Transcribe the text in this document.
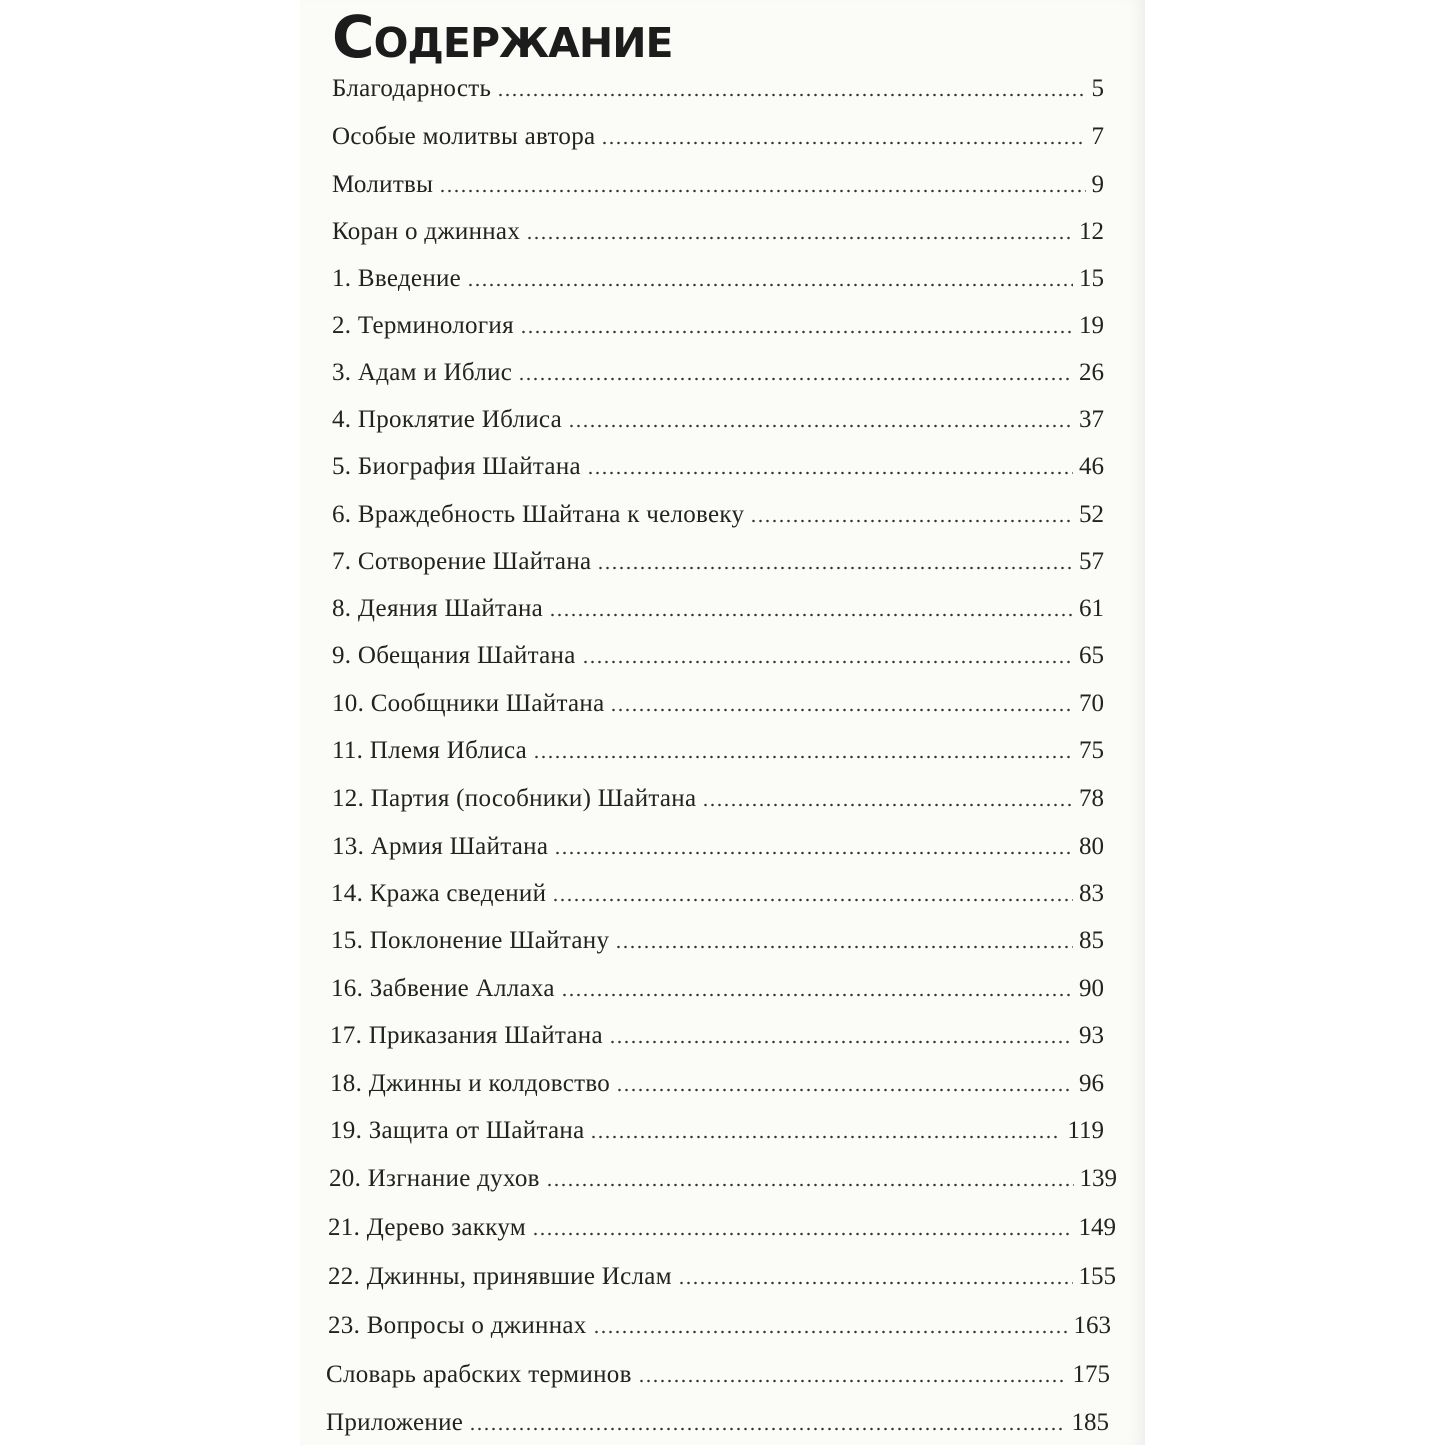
Содержание
Благодарность	5
Особые молитвы автора	7
Молитвы	9
Коран о джиннах	12
1. Введение	15
2. Терминология	19
3. Адам и Иблис	26
4. Проклятие Иблиса	37
5. Биография Шайтана	46
6. Враждебность Шайтана к человеку	52
7. Сотворение Шайтана	57
8. Деяния Шайтана	61
9. Обещания Шайтана	65
10. Сообщники Шайтана	70
11. Племя Иблиса	75
12. Партия (пособники) Шайтана	78
13. Армия Шайтана	80
14. Кража сведений	83
15. Поклонение Шайтану	85
16. Забвение Аллаха	90
17. Приказания Шайтана	93
18. Джинны и колдовство	96
19. Защита от Шайтана	119
20. Изгнание духов	139
21. Дерево заккум	149
22. Джинны, принявшие Ислам	155
23. Вопросы о джиннах	163
Словарь арабских терминов	175
Приложение	185
